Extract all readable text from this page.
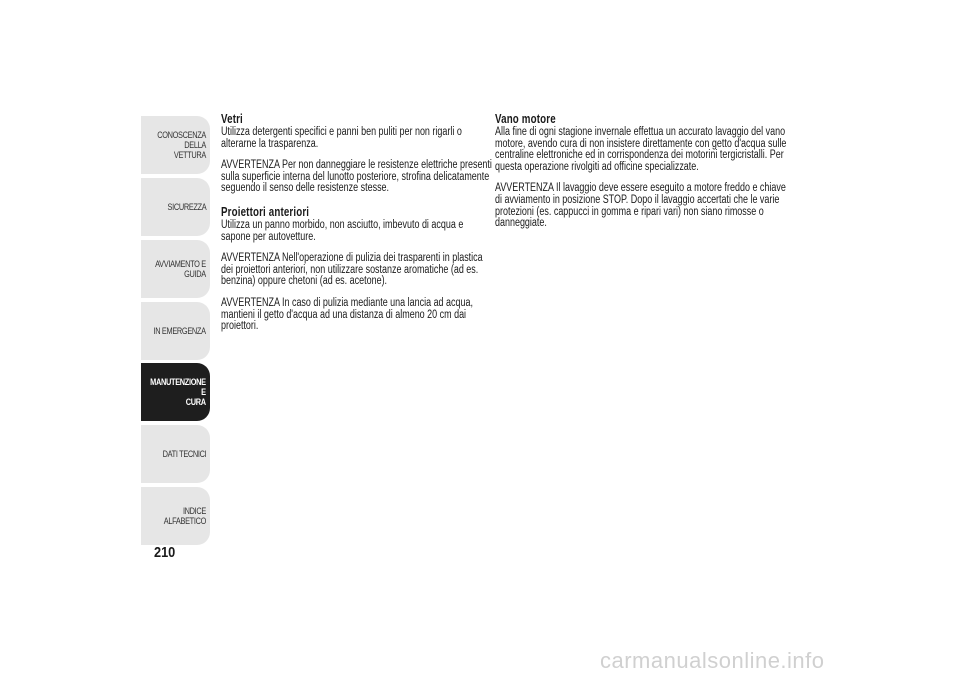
CONOSCENZA
DELLA VETTURA
SICUREZZA
AVVIAMENTO E
GUIDA
IN EMERGENZA
MANUTENZIONE E
CURA
DATI TECNICI
INDICE ALFABETICO
210
Vetri

Utilizza detergenti specifici e panni ben puliti per non rigarli o alterarne la trasparenza.

AVVERTENZA Per non danneggiare le resistenze elettriche presenti sulla superficie interna del lunotto posteriore, strofina delicatamente seguendo il senso delle resistenze stesse.

Proiettori anteriori

Utilizza un panno morbido, non asciutto, imbevuto di acqua e sapone per autovetture.

AVVERTENZA Nell'operazione di pulizia dei trasparenti in plastica dei proiettori anteriori, non utilizzare sostanze aromatiche (ad es. benzina) oppure chetoni (ad es. acetone).

AVVERTENZA In caso di pulizia mediante una lancia ad acqua, mantieni il getto d'acqua ad una distanza di almeno 20 cm dai proiettori.

Vano motore

Alla fine di ogni stagione invernale effettua un accurato lavaggio del vano motore, avendo cura di non insistere direttamente con getto d'acqua sulle centraline elettroniche ed in corrispondenza dei motorini tergicristalli. Per questa operazione rivolgiti ad officine specializzate.

AVVERTENZA Il lavaggio deve essere eseguito a motore freddo e chiave di avviamento in posizione STOP. Dopo il lavaggio accertati che le varie protezioni (es. cappucci in gomma e ripari vari) non siano rimosse o danneggiate.

carmanualsonline.info
